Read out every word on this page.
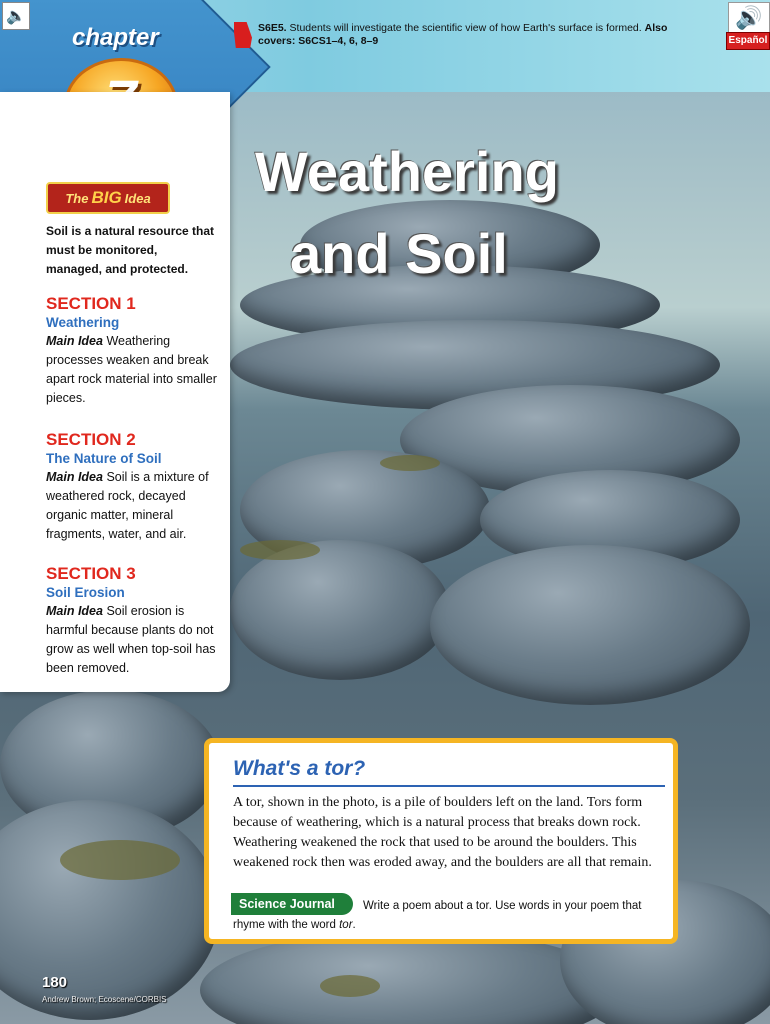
chapter
🔈	🔊
Español
S6E5. Students will investigate the scientific view of how Earth's surface is formed. Also covers: S6CS1–4, 6, 8–9
The BIG Idea
Soil is a natural resource that must be monitored, managed, and protected.
SECTION 1
Weathering
Main Idea Weathering processes weaken and break apart rock material into smaller pieces.
SECTION 2
The Nature of Soil
Main Idea Soil is a mixture of weathered rock, decayed organic matter, mineral fragments, water, and air.
SECTION 3
Soil Erosion
Main Idea Soil erosion is harmful because plants do not grow as well when top-soil has been removed.
Weathering
and Soil
What's a tor?
A tor, shown in the photo, is a pile of boulders left on the land. Tors form because of weathering, which is a natural process that breaks down rock. Weathering weakened the rock that used to be around the boulders. This weakened rock then was eroded away, and the boulders are all that remain.
Write a poem about a tor. Use words in your poem that rhyme with the word tor.
Science Journal
180
Andrew Brown; Ecoscene/CORBIS
